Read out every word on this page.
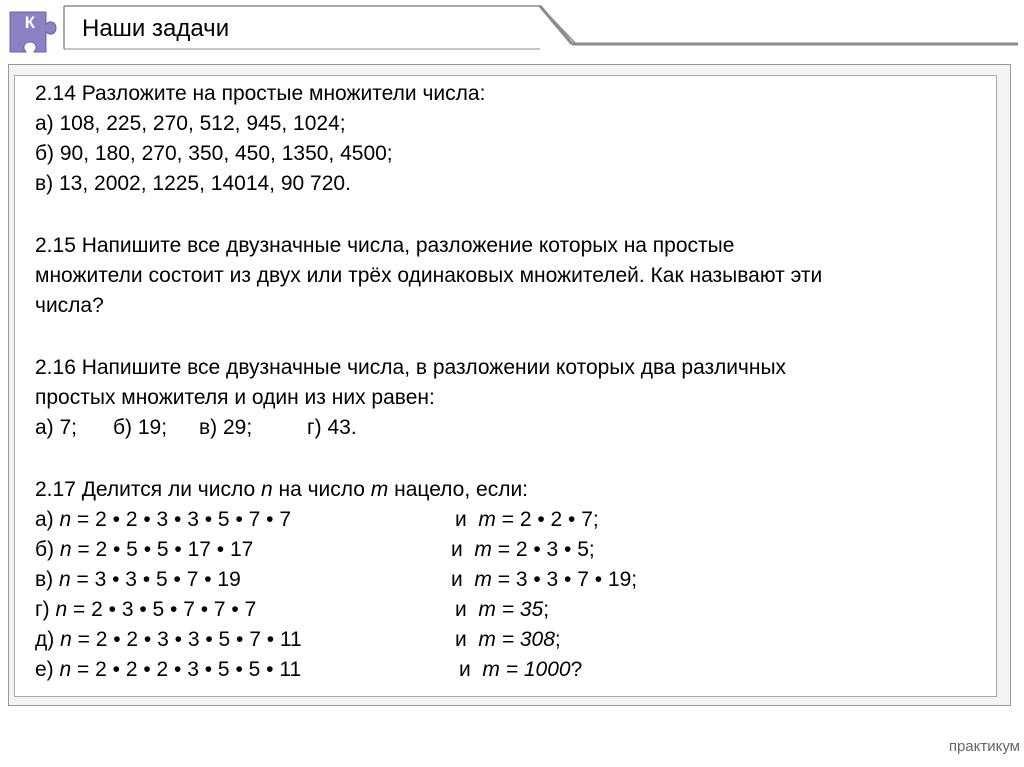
К	Наши задачи
2.14 Разложите на простые множители числа:
а) 108, 225, 270, 512, 945, 1024;
б) 90, 180, 270, 350, 450, 1350, 4500;
в) 13, 2002, 1225, 14014, 90 720.
2.15 Напишите все двузначные числа, разложение которых на простые
множители состоит из двух или трёх одинаковых множителей. Как называют эти
числа?
2.16 Напишите все двузначные числа, в разложении которых два различных
простых множителя и один из них равен:
а) 7; б) 19; в) 29;	г) 43.
2.17 Делится ли число n на число m нацело, если:
а) n = 2 • 2 • 3 • 3 • 5 • 7 • 7	и m = 2 • 2 • 7;
б) n = 2 • 5 • 5 • 17 • 17	и m = 2 • 3 • 5;
в) n = 3 • 3 • 5 • 7 • 19	и m = 3 • 3 • 7 • 19;
г) n = 2 • 3 • 5 • 7 • 7 • 7	и m = 35;
д) n = 2 • 2 • 3 • 3 • 5 • 7 • 11	и m = 308;
е) n = 2 • 2 • 2 • 3 • 5 • 5 • 11	и m = 1000?
практикум
